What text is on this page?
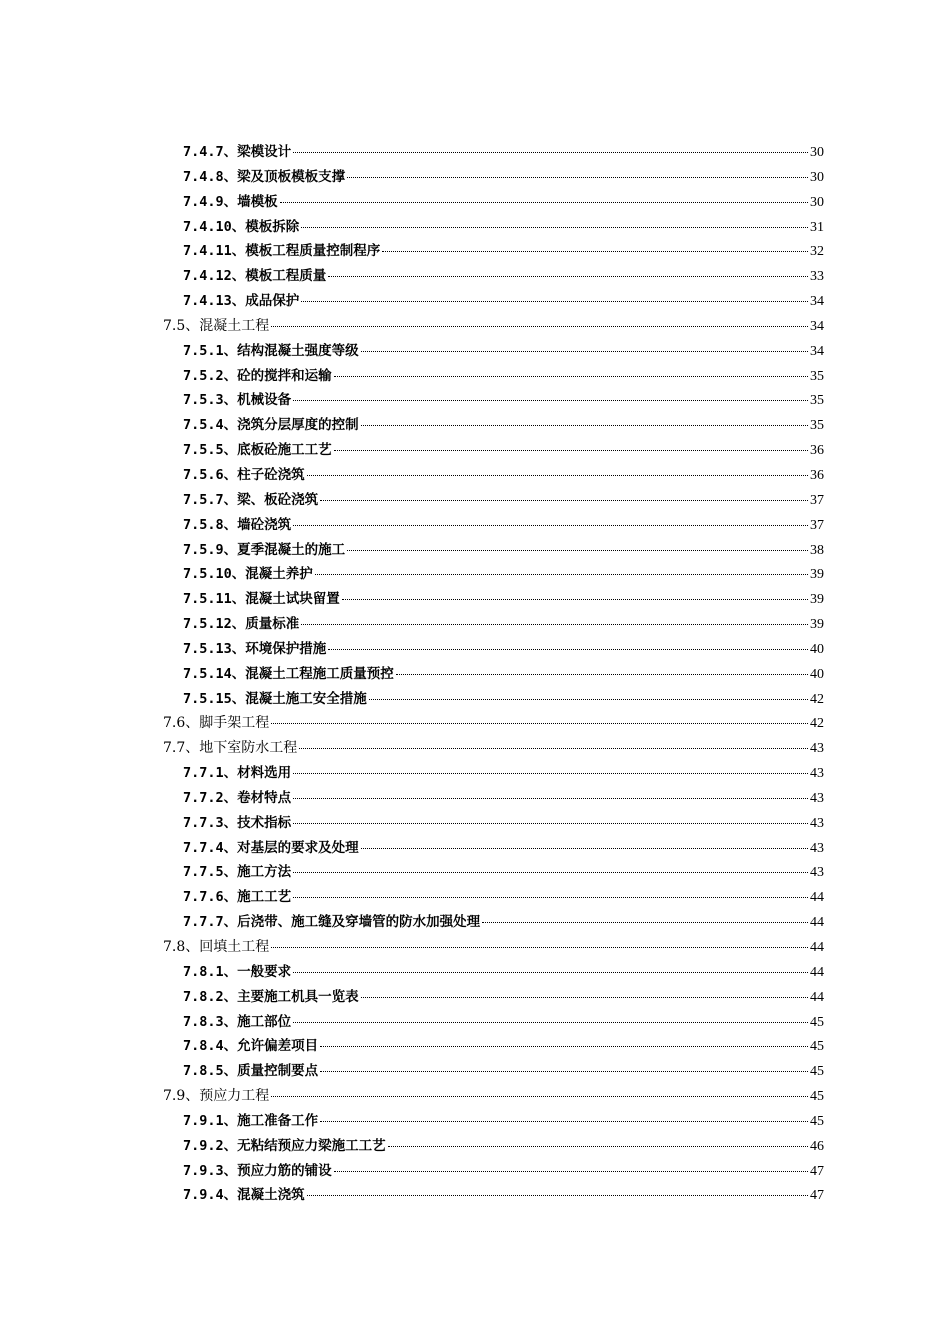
7.4.7、梁模设计	30
7.4.8、梁及顶板模板支撑	30
7.4.9、墙模板	30
7.4.10、模板拆除	31
7.4.11、模板工程质量控制程序	32
7.4.12、模板工程质量	33
7.4.13、成品保护	34
7.5、混凝土工程	34
7.5.1、结构混凝土强度等级	34
7.5.2、砼的搅拌和运输	35
7.5.3、机械设备	35
7.5.4、浇筑分层厚度的控制	35
7.5.5、底板砼施工工艺	36
7.5.6、柱子砼浇筑	36
7.5.7、梁、板砼浇筑	37
7.5.8、墙砼浇筑	37
7.5.9、夏季混凝土的施工	38
7.5.10、混凝土养护	39
7.5.11、混凝土试块留置	39
7.5.12、质量标准	39
7.5.13、环境保护措施	40
7.5.14、混凝土工程施工质量预控	40
7.5.15、混凝土施工安全措施	42
7.6、脚手架工程	42
7.7、地下室防水工程	43
7.7.1、材料选用	43
7.7.2、卷材特点	43
7.7.3、技术指标	43
7.7.4、对基层的要求及处理	43
7.7.5、施工方法	43
7.7.6、施工工艺	44
7.7.7、后浇带、施工缝及穿墙管的防水加强处理	44
7.8、回填土工程	44
7.8.1、一般要求	44
7.8.2、主要施工机具一览表	44
7.8.3、施工部位	45
7.8.4、允许偏差项目	45
7.8.5、质量控制要点	45
7.9、预应力工程	45
7.9.1、施工准备工作	45
7.9.2、无粘结预应力梁施工工艺	46
7.9.3、预应力筋的铺设	47
7.9.4、混凝土浇筑	47
